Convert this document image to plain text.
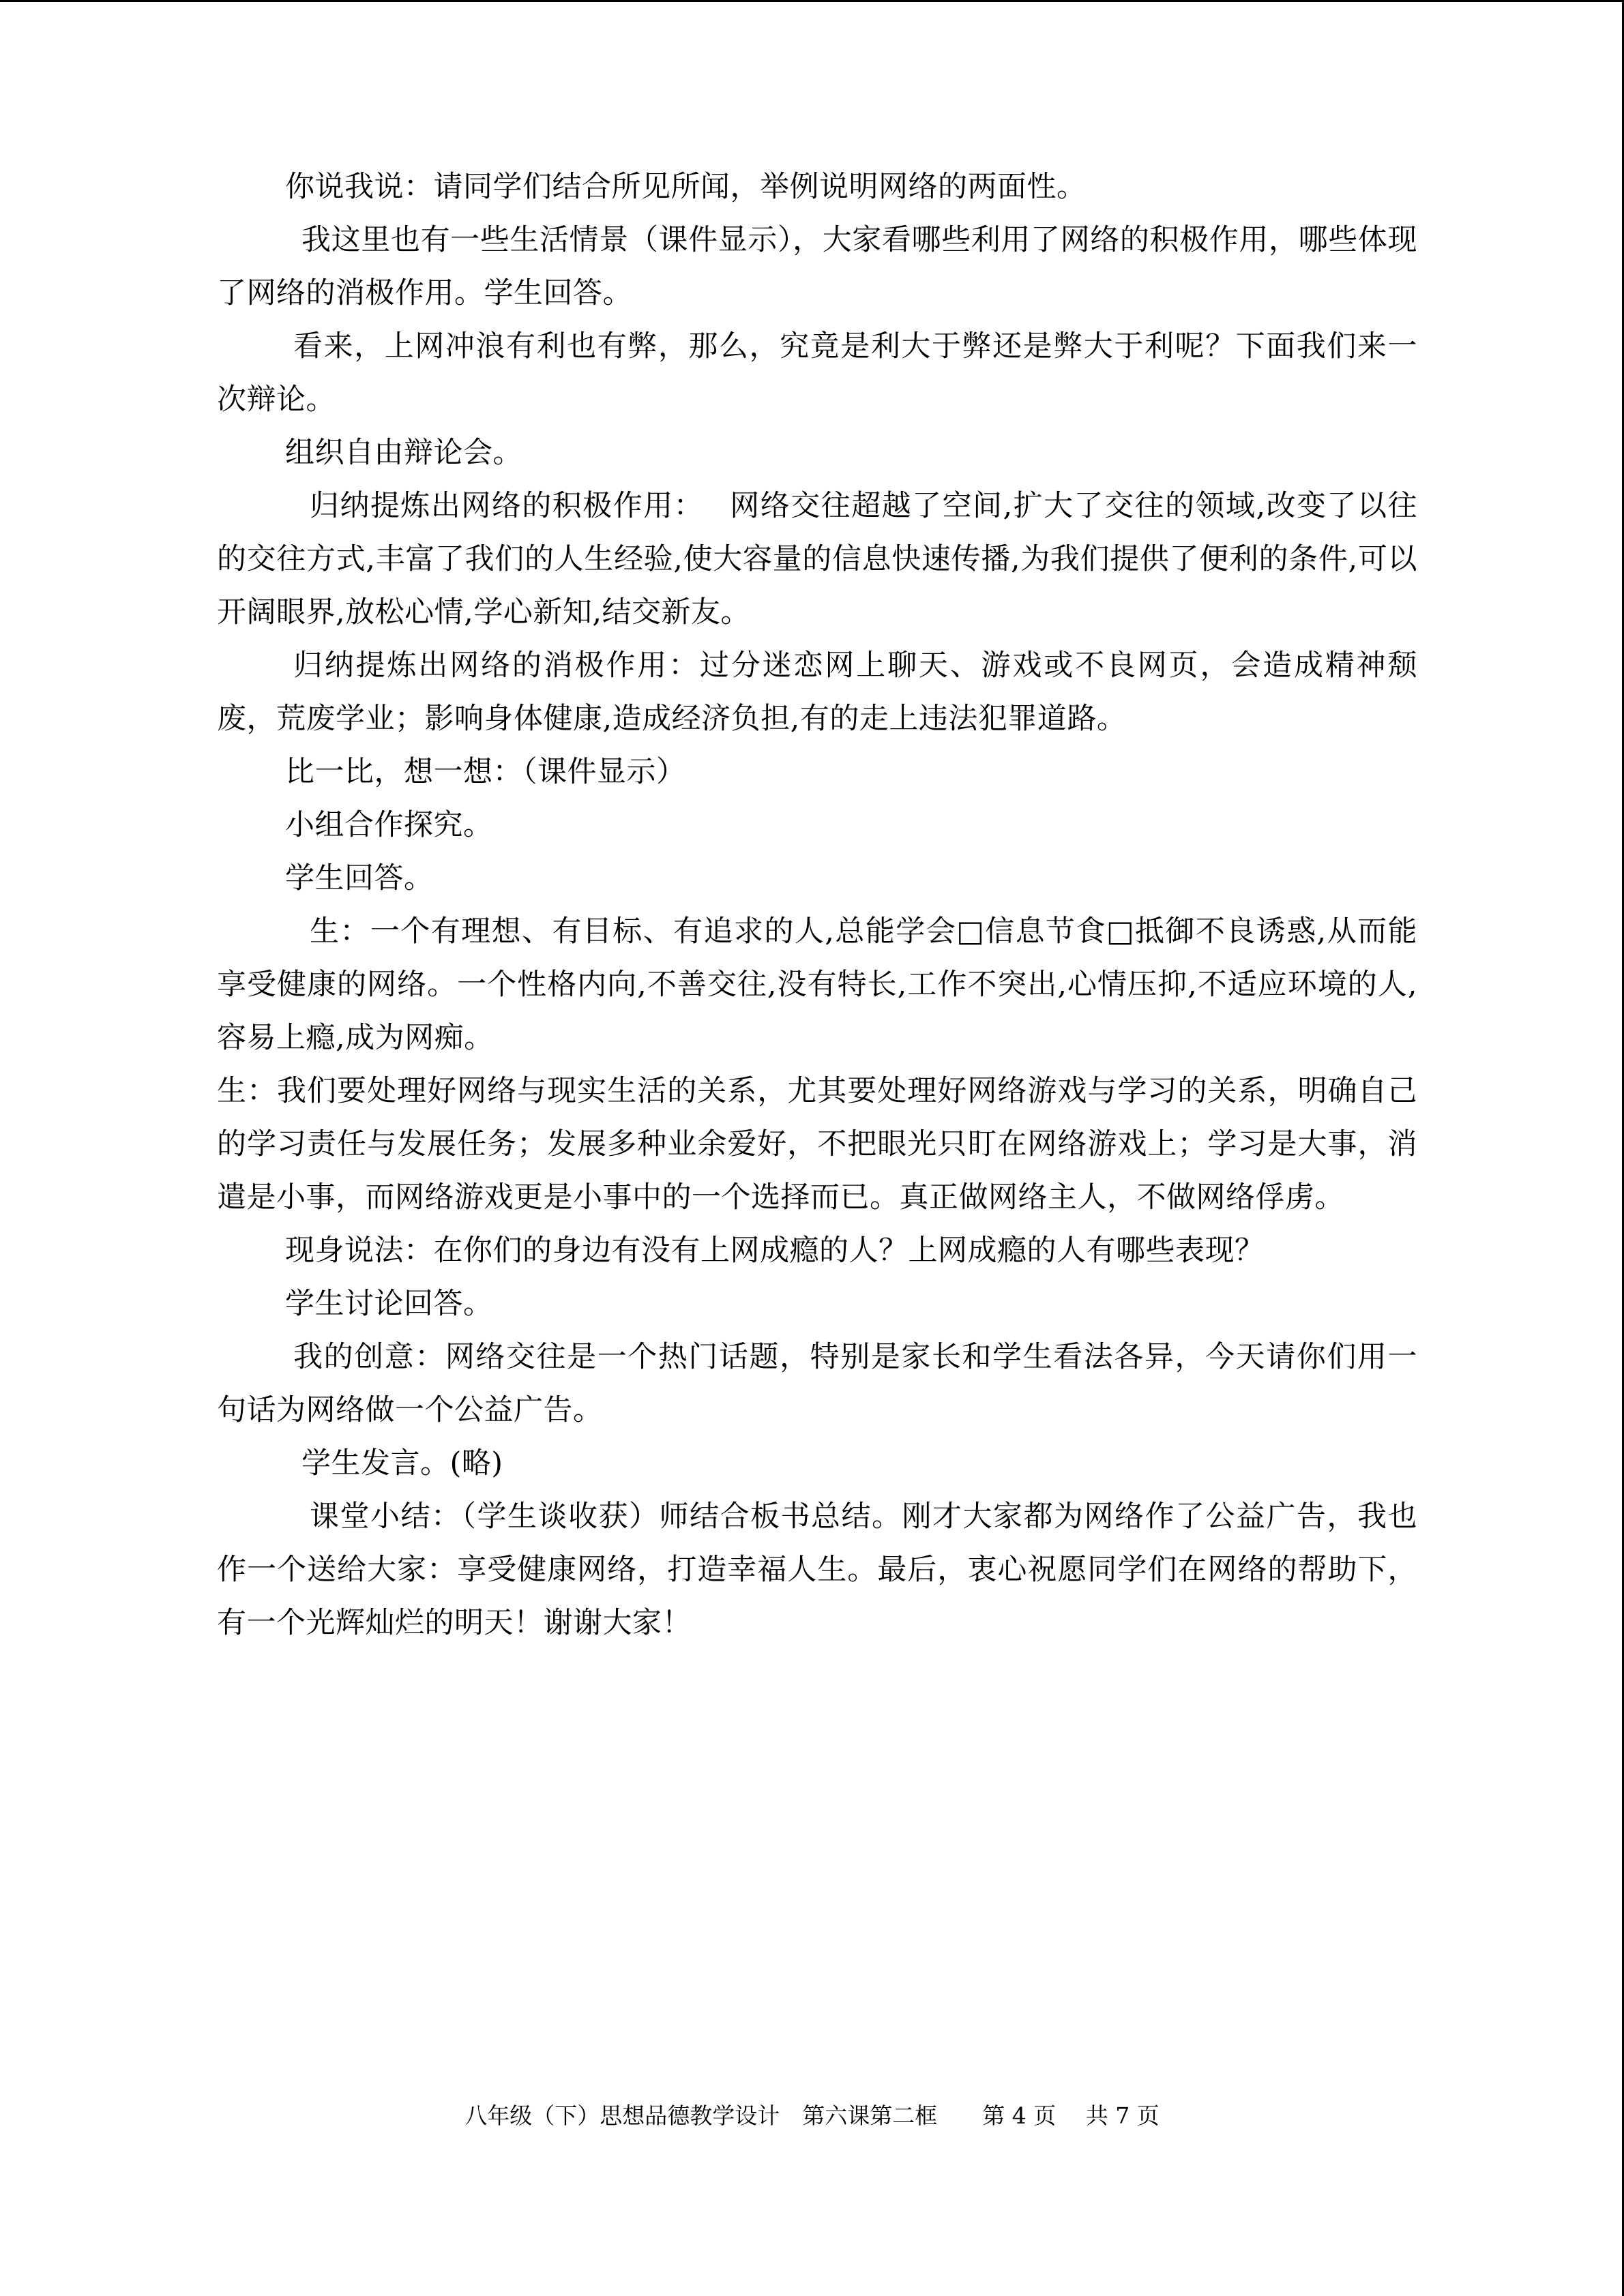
你说我说：请同学们结合所见所闻，举例说明网络的两面性。

我这里也有一些生活情景（课件显示），大家看哪些利用了网络的积极作用，哪些体现了网络的消极作用。学生回答。

看来，上网冲浪有利也有弊，那么，究竟是利大于弊还是弊大于利呢？下面我们来一次辩论。

组织自由辩论会。

归纳提炼出网络的积极作用：　 网络交往超越了空间,扩大了交往的领域,改变了以往的交往方式,丰富了我们的人生经验,使大容量的信息快速传播,为我们提供了便利的条件,可以开阔眼界,放松心情,学心新知,结交新友。

归纳提炼出网络的消极作用：过分迷恋网上聊天、游戏或不良网页，会造成精神颓废，荒废学业；影响身体健康,造成经济负担,有的走上违法犯罪道路。

比一比，想一想：（课件显示）

小组合作探究。

学生回答。

生：一个有理想、有目标、有追求的人,总能学会□信息节食□抵御不良诱惑,从而能享受健康的网络。一个性格内向,不善交往,没有特长,工作不突出,心情压抑,不适应环境的人,容易上瘾,成为网痴。

生：我们要处理好网络与现实生活的关系，尤其要处理好网络游戏与学习的关系，明确自己的学习责任与发展任务；发展多种业余爱好，不把眼光只盯在网络游戏上；学习是大事，消遣是小事，而网络游戏更是小事中的一个选择而已。真正做网络主人，不做网络俘虏。

现身说法：在你们的身边有没有上网成瘾的人？上网成瘾的人有哪些表现？

学生讨论回答。

我的创意：网络交往是一个热门话题，特别是家长和学生看法各异，今天请你们用一句话为网络做一个公益广告。

学生发言。(略)

课堂小结：（学生谈收获）师结合板书总结。刚才大家都为网络作了公益广告，我也作一个送给大家：享受健康网络，打造幸福人生。最后，衷心祝愿同学们在网络的帮助下，有一个光辉灿烂的明天！谢谢大家！

八年级（下）思想品德教学设计　第六课第二框　　第 4 页　 共 7 页
